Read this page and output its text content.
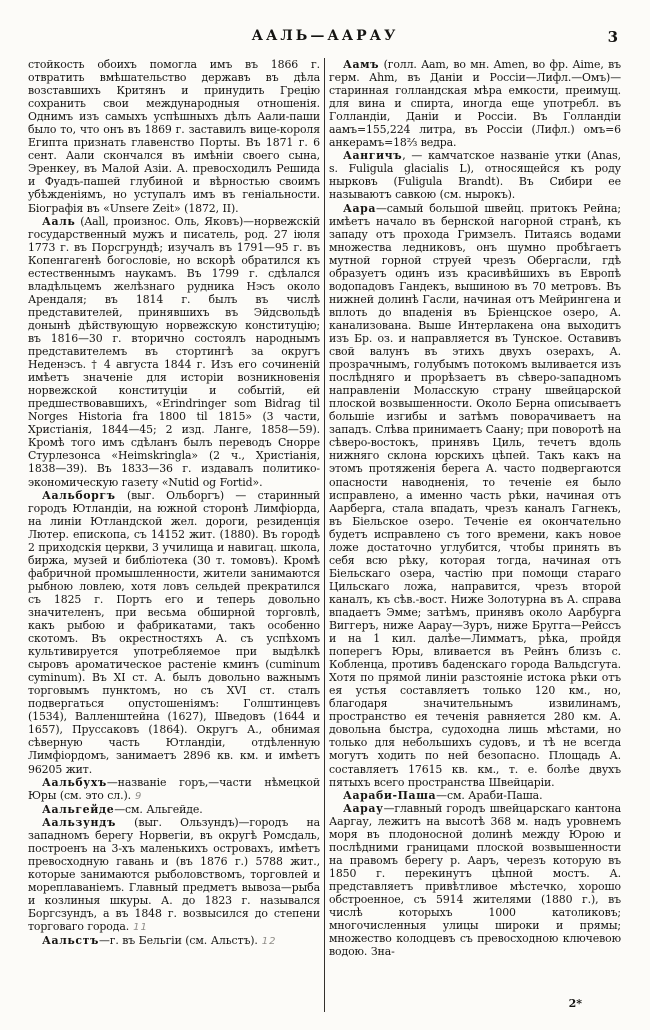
ААЛЬ—ААРАУ	3

стойкость обоихъ помогла имъ въ 1866 г. отвратить вмѣшательство державъ въ дѣла возставшихъ Критянъ и принудить Грецію сохранить свои международныя отношенія. Однимъ изъ самыхъ успѣшныхъ дѣлъ Аали-паши было то, что онъ въ 1869 г. заставилъ вице-короля Египта признать главенство Порты. Въ 1871 г. 6 сент. Аали скончался въ имѣніи своего сына, Эренкеу, въ Малой Азіи. А. превосходилъ Решида и Фуадъ-пашей глубиной и вѣрностью своимъ убѣжденіямъ, но уступалъ имъ въ геніальности. Біографія въ «Unsere Zeit» (1872, II).

Ааль (Aall, произнос. Оль, Яковъ)—норвежскій государственный мужъ и писатель, род. 27 іюля 1773 г. въ Порсгрундѣ; изучалъ въ 1791—95 г. въ Копенгагенѣ богословіе, но вскорѣ обратился къ естественнымъ наукамъ. Въ 1799 г. сдѣлался владѣльцемъ желѣзнаго рудника Нэсъ около Арендаля; въ 1814 г. былъ въ числѣ представителей, принявшихъ въ Эйдсвольдѣ донынѣ дѣйствующую норвежскую конституцію; въ 1816—30 г. вторично состоялъ народнымъ представителемъ въ стортингѣ за округъ Неденэсъ. † 4 августа 1844 г. Изъ его сочиненій имѣетъ значеніе для исторіи возникновенія норвежской конституціи и событій, ей предшествовавшихъ, «Erindringer som Bidrag til Norges Historia fra 1800 til 1815» (3 части, Христіанія, 1844—45; 2 изд. Ланге, 1858—59). Кромѣ того имъ сдѣланъ былъ переводъ Снорре Стурлезонса «Heimskringla» (2 ч., Христіанія, 1838—39). Въ 1833—36 г. издавалъ политико-экономическую газету «Nutid og Fortid».

Аальборгъ (выг. Ольборгъ) — старинный городъ Ютландіи, на южной сторонѣ Лимфіорда, на линіи Ютландской жел. дороги, резиденція Лютер. епископа, съ 14152 жит. (1880). Въ городѣ 2 приходскія церкви, 3 училища и навигац. школа, биржа, музей и библіотека (30 т. томовъ). Кромѣ фабричной промышленности, жители занимаются рыбною ловлею, хотя ловъ сельдей прекратился съ 1825 г. Портъ его и теперь довольно значителенъ, при весьма обширной торговлѣ, какъ рыбою и фабрикатами, такъ особенно скотомъ. Въ окрестностяхъ А. съ успѣхомъ культивируется употребляемое при выдѣлкѣ сыровъ ароматическое растеніе кминъ (cuminum cyminum). Въ XI ст. А. былъ довольно важнымъ торговымъ пунктомъ, но съ XVI ст. сталъ подвергаться опустошеніямъ: Голштинцевъ (1534), Валленштейна (1627), Шведовъ (1644 и 1657), Пруссаковъ (1864). Округъ А., обнимая сѣверную часть Ютландіи, отдѣленную Лимфіордомъ, занимаетъ 2896 кв. км. и имѣетъ 96205 жит.

Аальбухъ—названіе горъ,—части нѣмецкой Юры (см. это сл.). 9

Аальгейде—см. Альгейде.

Аальзундъ (выг. Ользундъ)—городъ на западномъ берегу Норвегіи, въ округѣ Ромсдаль, построенъ на 3-хъ маленькихъ островахъ, имѣетъ превосходную гавань и (въ 1876 г.) 5788 жит., которые занимаются рыболовствомъ, торговлей и мореплаваніемъ. Главный предметъ вывоза—рыба и козлиныя шкуры. А. до 1823 г. назывался Боргсзундъ, а въ 1848 г. возвысился до степени торговаго города. 11

Аальстъ—г. въ Бельгіи (см. Альстъ). 12

Аамъ (голл. Aam, во мн. Amen, во фр. Aime, въ герм. Ahm, въ Даніи и Россіи—Лифл.—Омъ)—старинная голландская мѣра емкости, преимущ. для вина и спирта, иногда еще употребл. въ Голландіи, Даніи и Россіи. Въ Голландіи аамъ=155,224 литра, въ Россіи (Лифл.) омъ=6 анкерамъ=18⅔ ведра.

Аангичъ, — камчатское названіе утки (Anas, s. Fuligula glacialis L), относящейся къ роду нырковъ (Fuligula Brandt). Въ Сибири ее называютъ савкою (см. нырокъ).

Аара—самый большой швейц. притокъ Рейна; имѣетъ начало въ бернской нагорной странѣ, къ западу отъ прохода Гримзелъ. Питаясь водами множества ледниковъ, онъ шумно пробѣгаетъ мутной горной струей чрезъ Обергасли, гдѣ образуетъ одинъ изъ красивѣйшихъ въ Европѣ водопадовъ Гандекъ, вышиною въ 70 метровъ. Въ нижней долинѣ Гасли, начиная отъ Мейрингена и вплоть до впаденія въ Бріенцское озеро, А. канализована. Выше Интерлакена она выходитъ изъ Бр. оз. и направляется въ Тунское. Оставивъ свой валунъ въ этихъ двухъ озерахъ, А. прозрачнымъ, голубымъ потокомъ выливается изъ послѣдняго и прорѣзаетъ въ сѣверо-западномъ направленіи Моласскую страну швейцарской плоской возвышенности. Около Берна описываетъ большіе изгибы и затѣмъ поворачиваетъ на западъ. Слѣва принимаетъ Саану; при поворотѣ на сѣверо-востокъ, принявъ Циль, течетъ вдоль нижняго склона юрскихъ цѣпей. Такъ какъ на этомъ протяженія берега А. часто подвергаются опасности наводненія, то теченіе ея было исправлено, а именно часть рѣки, начиная отъ Аарберга, стала впадать, чрезъ каналъ Гагнекъ, въ Біельское озеро. Теченіе ея окончательно будетъ исправлено съ того времени, какъ новое ложе достаточно углубится, чтобы принять въ себя всю рѣку, которая тогда, начиная отъ Біельскаго озера, частію при помощи стараго Цильскаго ложа, направится, чрезъ второй каналъ, къ сѣв.-вост. Ниже Золотурна въ А. справа впадаетъ Эмме; затѣмъ, принявъ около Аарбурга Виггеръ, ниже Аарау—Зуръ, ниже Бругга—Рейссъ и на 1 кил. далѣе—Лимматъ, рѣка, пройдя поперегъ Юры, вливается въ Рейнъ близъ с. Кобленца, противъ баденскаго города Вальдсгута. Хотя по прямой линіи разстояніе истока рѣки отъ ея устья составляетъ только 120 км., но, благодаря значительнымъ извилинамъ, пространство ея теченія равняется 280 км. А. довольна быстра, судоходна лишь мѣстами, но только для небольшихъ судовъ, и тѣ не всегда могутъ ходить по ней безопасно. Площадь А. составляетъ 17615 кв. км., т. е. болѣе двухъ пятыхъ всего пространства Швейцаріи.

Аараби-Паша—см. Араби-Паша.

Аарау—главный городъ швейцарскаго кантона Ааргау, лежитъ на высотѣ 368 м. надъ уровнемъ моря въ плодоносной долинѣ между Юрою и послѣдними границами плоской возвышенности на правомъ берегу р. Ааръ, черезъ которую въ 1850 г. перекинутъ цѣпной мостъ. А. представляетъ привѣтливое мѣстечко, хорошо обстроенное, съ 5914 жителями (1880 г.), въ числѣ которыхъ 1000 католиковъ; многочисленныя улицы широки и прямы; множество колодцевъ съ превосходною ключевою водою. Зна-

2*
